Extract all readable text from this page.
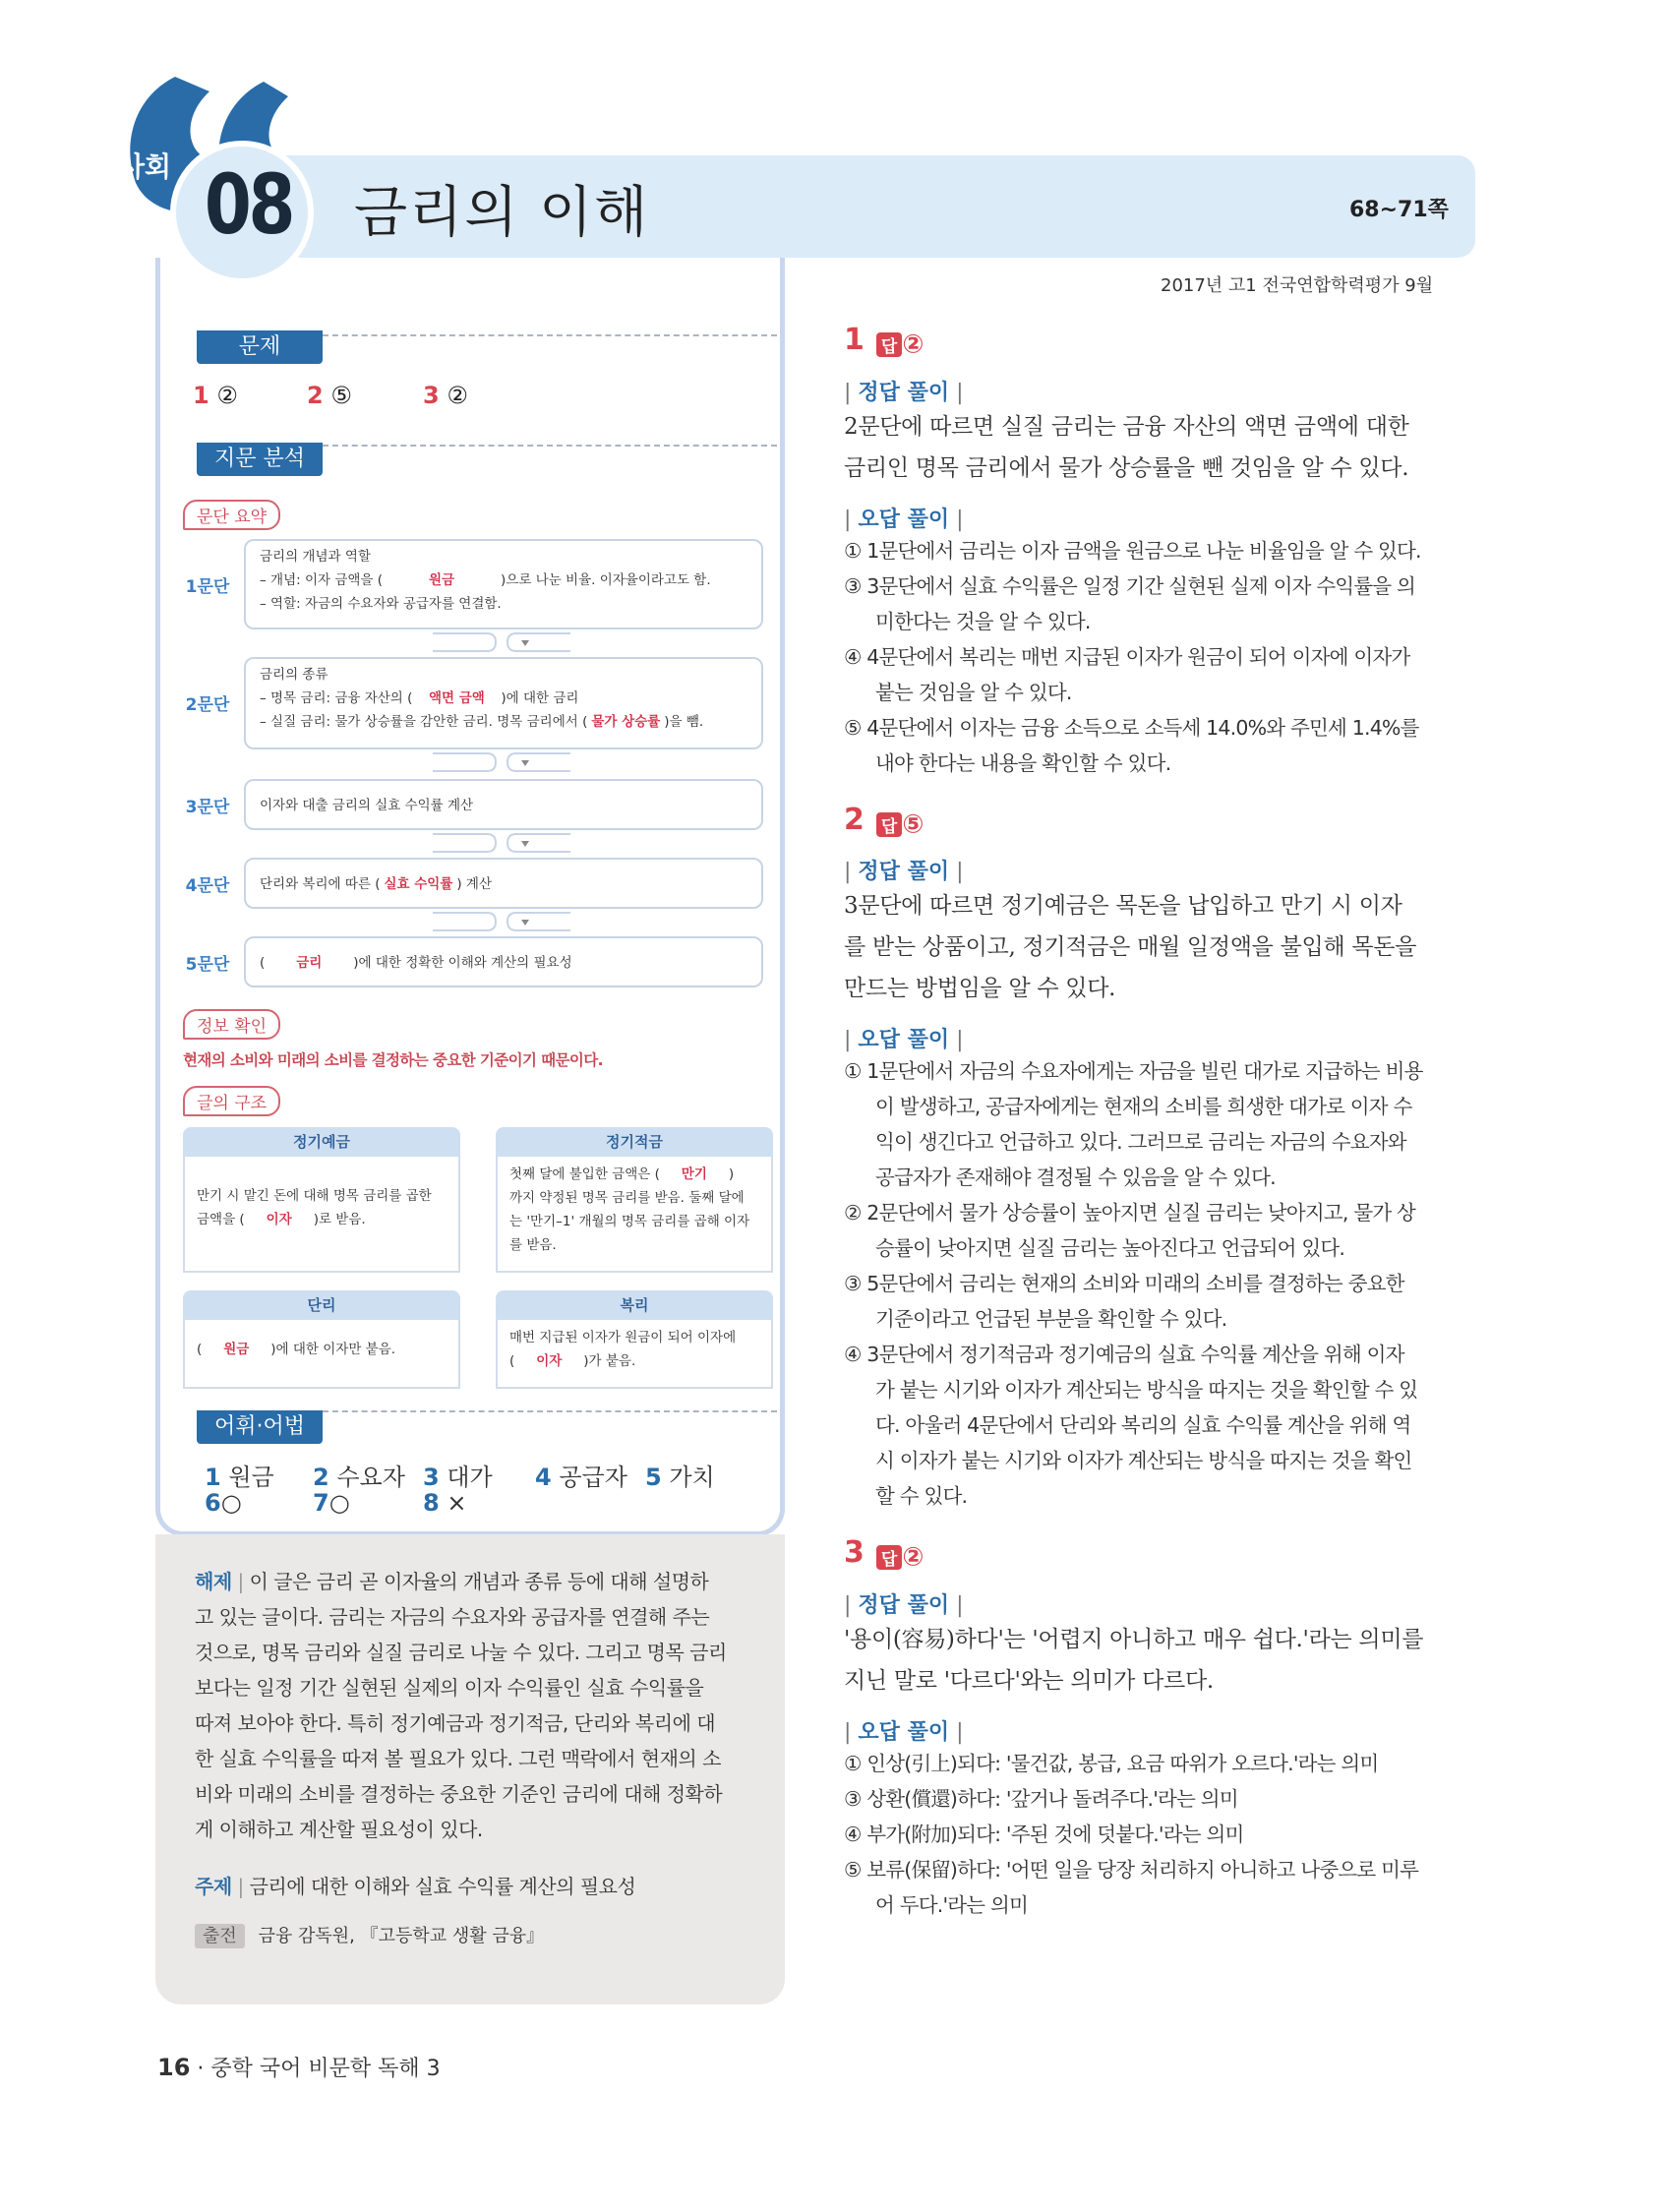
사회 08	금리의 이해	68~71쪽
2017년 고1 전국연합학력평가 9월
문제
1 ②	2 ⑤	3 ②
지문 분석
문단 요약
1문단
금리의 개념과 역할
– 개념: 이자 금액을 (	원금	)으로 나눈 비율. 이자율이라고도 함.
– 역할: 자금의 수요자와 공급자를 연결함.
2문단
금리의 종류
– 명목 금리: 금융 자산의 ( 액면 금액 )에 대한 금리
– 실질 금리: 물가 상승률을 감안한 금리. 명목 금리에서 ( 물가 상승률 )을 뺌.
3문단	이자와 대출 금리의 실효 수익률 계산
4문단	단리와 복리에 따른 ( 실효 수익률 ) 계산
5문단	( 금리 )에 대한 정확한 이해와 계산의 필요성
정보 확인
현재의 소비와 미래의 소비를 결정하는 중요한 기준이기 때문이다.
글의 구조
정기예금
만기 시 맡긴 돈에 대해 명목 금리를 곱한
금액을 ( 이자 )로 받음.
정기적금
첫째 달에 불입한 금액은 ( 만기 )
까지 약정된 명목 금리를 받음. 둘째 달에
는 '만기–1' 개월의 명목 금리를 곱해 이자
를 받음.
단리
( 원금 )에 대한 이자만 붙음.
복리
매번 지급된 이자가 원금이 되어 이자에
( 이자 )가 붙음.
어휘·어법
1 원금 2 수요자 3 대가 4 공급자 5 가치
6○	7○	8 ×
해제 | 이 글은 금리 곧 이자율의 개념과 종류 등에 대해 설명하
고 있는 글이다. 금리는 자금의 수요자와 공급자를 연결해 주는
것으로, 명목 금리와 실질 금리로 나눌 수 있다. 그리고 명목 금리
보다는 일정 기간 실현된 실제의 이자 수익률인 실효 수익률을
따져 보아야 한다. 특히 정기예금과 정기적금, 단리와 복리에 대
한 실효 수익률을 따져 볼 필요가 있다. 그런 맥락에서 현재의 소
비와 미래의 소비를 결정하는 중요한 기준인 금리에 대해 정확하
게 이해하고 계산할 필요성이 있다.
주제 | 금리에 대한 이해와 실효 수익률 계산의 필요성
출전 금융 감독원, 『고등학교 생활 금융』
1 답 ②
| 정답 풀이 |
2문단에 따르면 실질 금리는 금융 자산의 액면 금액에 대한
금리인 명목 금리에서 물가 상승률을 뺀 것임을 알 수 있다.
| 오답 풀이 |
① 1문단에서 금리는 이자 금액을 원금으로 나눈 비율임을 알 수 있다.
③ 3문단에서 실효 수익률은 일정 기간 실현된 실제 이자 수익률을 의
미한다는 것을 알 수 있다.
④ 4문단에서 복리는 매번 지급된 이자가 원금이 되어 이자에 이자가
붙는 것임을 알 수 있다.
⑤ 4문단에서 이자는 금융 소득으로 소득세 14.0%와 주민세 1.4%를
내야 한다는 내용을 확인할 수 있다.
2 답 ⑤
| 정답 풀이 |
3문단에 따르면 정기예금은 목돈을 납입하고 만기 시 이자
를 받는 상품이고, 정기적금은 매월 일정액을 불입해 목돈을
만드는 방법임을 알 수 있다.
| 오답 풀이 |
① 1문단에서 자금의 수요자에게는 자금을 빌린 대가로 지급하는 비용
이 발생하고, 공급자에게는 현재의 소비를 희생한 대가로 이자 수
익이 생긴다고 언급하고 있다. 그러므로 금리는 자금의 수요자와
공급자가 존재해야 결정될 수 있음을 알 수 있다.
② 2문단에서 물가 상승률이 높아지면 실질 금리는 낮아지고, 물가 상
승률이 낮아지면 실질 금리는 높아진다고 언급되어 있다.
③ 5문단에서 금리는 현재의 소비와 미래의 소비를 결정하는 중요한
기준이라고 언급된 부분을 확인할 수 있다.
④ 3문단에서 정기적금과 정기예금의 실효 수익률 계산을 위해 이자
가 붙는 시기와 이자가 계산되는 방식을 따지는 것을 확인할 수 있
다. 아울러 4문단에서 단리와 복리의 실효 수익률 계산을 위해 역
시 이자가 붙는 시기와 이자가 계산되는 방식을 따지는 것을 확인
할 수 있다.
3 답 ②
| 정답 풀이 |
'용이(容易)하다'는 '어렵지 아니하고 매우 쉽다.'라는 의미를
지닌 말로 '다르다'와는 의미가 다르다.
| 오답 풀이 |
① 인상(引上)되다: '물건값, 봉급, 요금 따위가 오르다.'라는 의미
③ 상환(償還)하다: '갚거나 돌려주다.'라는 의미
④ 부가(附加)되다: '주된 것에 덧붙다.'라는 의미
⑤ 보류(保留)하다: '어떤 일을 당장 처리하지 아니하고 나중으로 미루
어 두다.'라는 의미
16 · 중학 국어 비문학 독해 3
